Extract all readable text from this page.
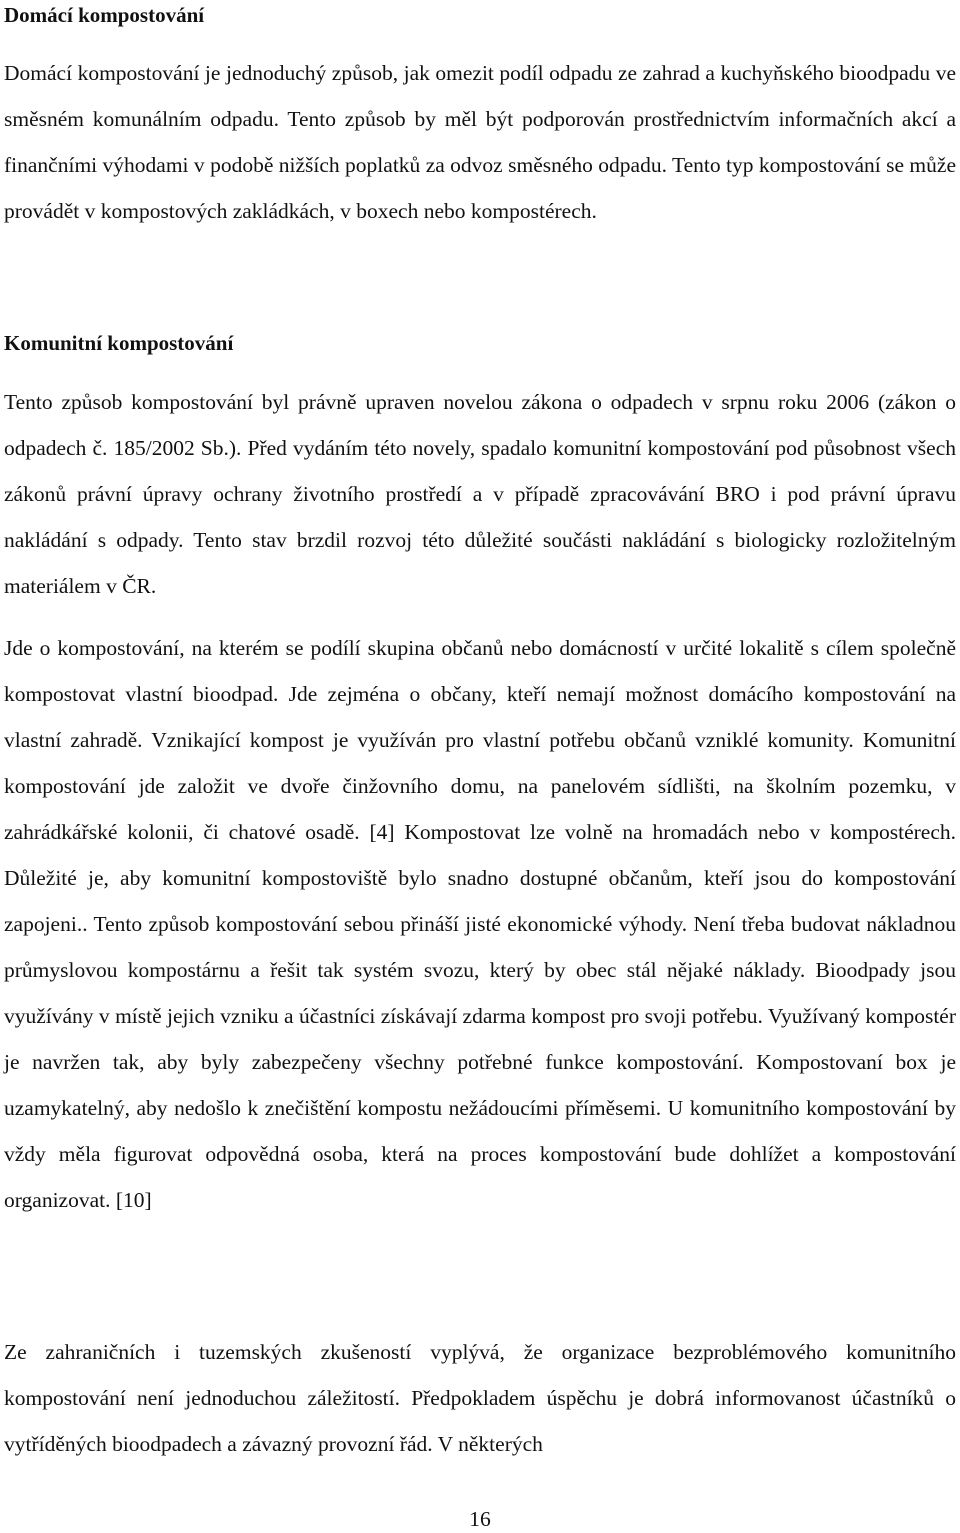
Domácí kompostování

Domácí kompostování je jednoduchý způsob, jak omezit podíl odpadu ze zahrad a kuchyňského bioodpadu ve směsném komunálním odpadu. Tento způsob by měl být podporován prostřednictvím informačních akcí a finančními výhodami v podobě nižších poplatků za odvoz směsného odpadu. Tento typ kompostování se může provádět v kompostových zakládkách, v boxech nebo kompostérech.

Komunitní kompostování

Tento způsob kompostování byl právně upraven novelou zákona o odpadech v srpnu roku 2006 (zákon o odpadech č. 185/2002 Sb.). Před vydáním této novely, spadalo komunitní kompostování pod působnost všech zákonů právní úpravy ochrany životního prostředí a v případě zpracovávání BRO i pod právní úpravu nakládání s odpady. Tento stav brzdil rozvoj této důležité součásti nakládání s biologicky rozložitelným materiálem v ČR.

Jde o kompostování, na kterém se podílí skupina občanů nebo domácností v určité lokalitě s cílem společně kompostovat vlastní bioodpad. Jde zejména o občany, kteří nemají možnost domácího kompostování na vlastní zahradě. Vznikající kompost je využíván pro vlastní potřebu občanů vzniklé komunity. Komunitní kompostování jde založit ve dvoře činžovního domu, na panelovém sídlišti, na školním pozemku, v zahrádkářské kolonii, či chatové osadě. [4] Kompostovat lze volně na hromadách nebo v kompostérech. Důležité je, aby komunitní kompostoviště bylo snadno dostupné občanům, kteří jsou do kompostování zapojeni.. Tento způsob kompostování sebou přináší jisté ekonomické výhody. Není třeba budovat nákladnou průmyslovou kompostárnu a řešit tak systém svozu, který by obec stál nějaké náklady. Bioodpady jsou využívány v místě jejich vzniku a účastníci získávají zdarma kompost pro svoji potřebu. Využívaný kompostér je navržen tak, aby byly zabezpečeny všechny potřebné funkce kompostování. Kompostovaní box je uzamykatelný, aby nedošlo k znečištění kompostu nežádoucími příměsemi. U komunitního kompostování by vždy měla figurovat odpovědná osoba, která na proces kompostování bude dohlížet a kompostování organizovat. [10]

Ze zahraničních i tuzemských zkušeností vyplývá, že organizace bezproblémového komunitního kompostování není jednoduchou záležitostí. Předpokladem úspěchu je dobrá informovanost účastníků o vytříděných bioodpadech a závazný provozní řád. V některých

16
